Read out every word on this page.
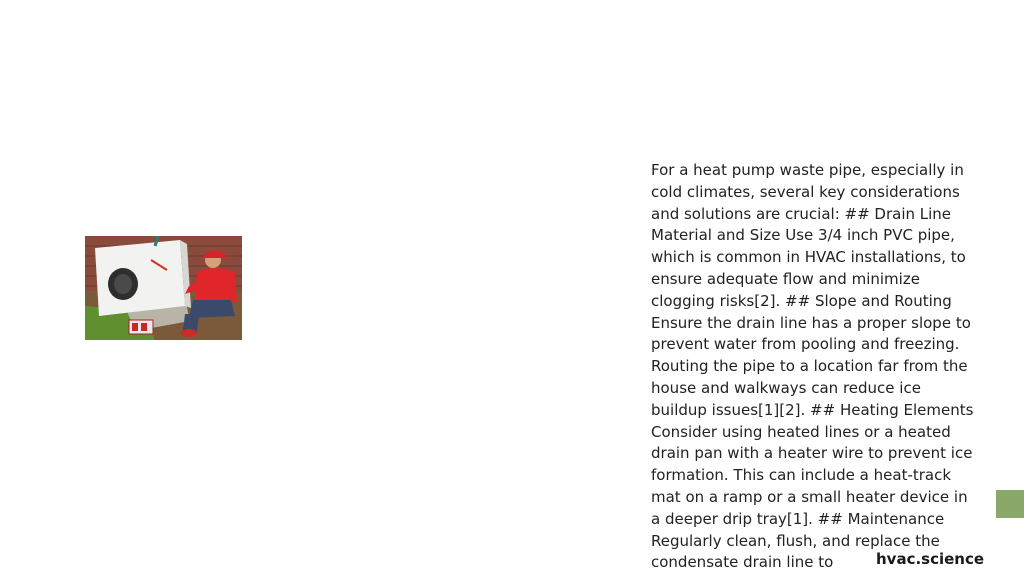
For a heat pump waste pipe, especially in cold climates, several key considerations and solutions are crucial: ## Drain Line Material and Size Use 3/4 inch PVC pipe, which is common in HVAC installations, to ensure adequate flow and minimize clogging risks[2]. ## Slope and Routing Ensure the drain line has a proper slope to prevent water from pooling and freezing. Routing the pipe to a location far from the house and walkways can reduce ice buildup issues[1][2]. ## Heating Elements Consider using heated lines or a heated drain pan with a heater wire to prevent ice formation. This can include a heat-track mat on a ramp or a small heater device in a deeper drip tray[1]. ## Maintenance Regularly clean, flush, and replace the condensate drain line to	hvac.science
